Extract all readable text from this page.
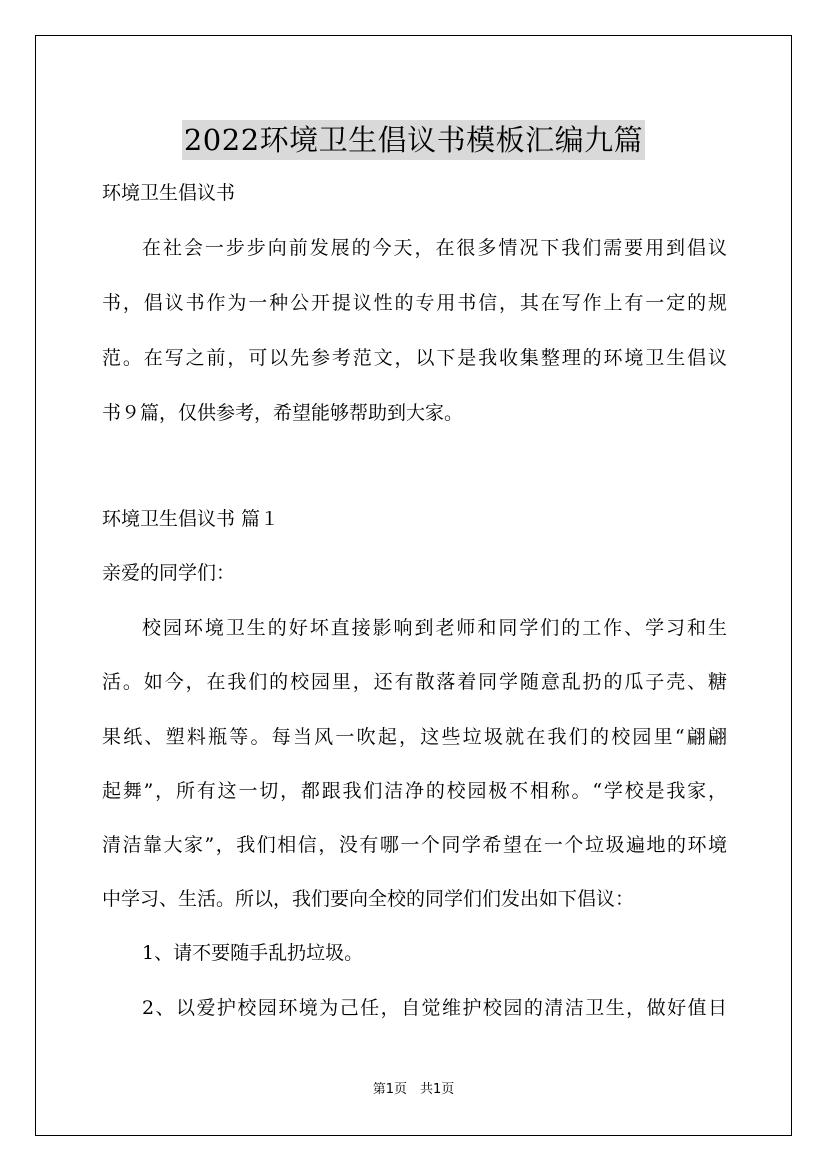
2022环境卫生倡议书模板汇编九篇
环境卫生倡议书
在社会一步步向前发展的今天，在很多情况下我们需要用到倡议
书，倡议书作为一种公开提议性的专用书信，其在写作上有一定的规
范。在写之前，可以先参考范文，以下是我收集整理的环境卫生倡议
书９篇，仅供参考，希望能够帮助到大家。
环境卫生倡议书 篇１
亲爱的同学们：
校园环境卫生的好坏直接影响到老师和同学们的工作、学习和生
活。如今，在我们的校园里，还有散落着同学随意乱扔的瓜子壳、糖
果纸、塑料瓶等。每当风一吹起，这些垃圾就在我们的校园里“翩翩
起舞”，所有这一切，都跟我们洁净的校园极不相称。“学校是我家，
清洁靠大家”，我们相信，没有哪一个同学希望在一个垃圾遍地的环境
中学习、生活。所以，我们要向全校的同学们们发出如下倡议：
1、请不要随手乱扔垃圾。
2、以爱护校园环境为己任，自觉维护校园的清洁卫生，做好值日
第1页　共1页
